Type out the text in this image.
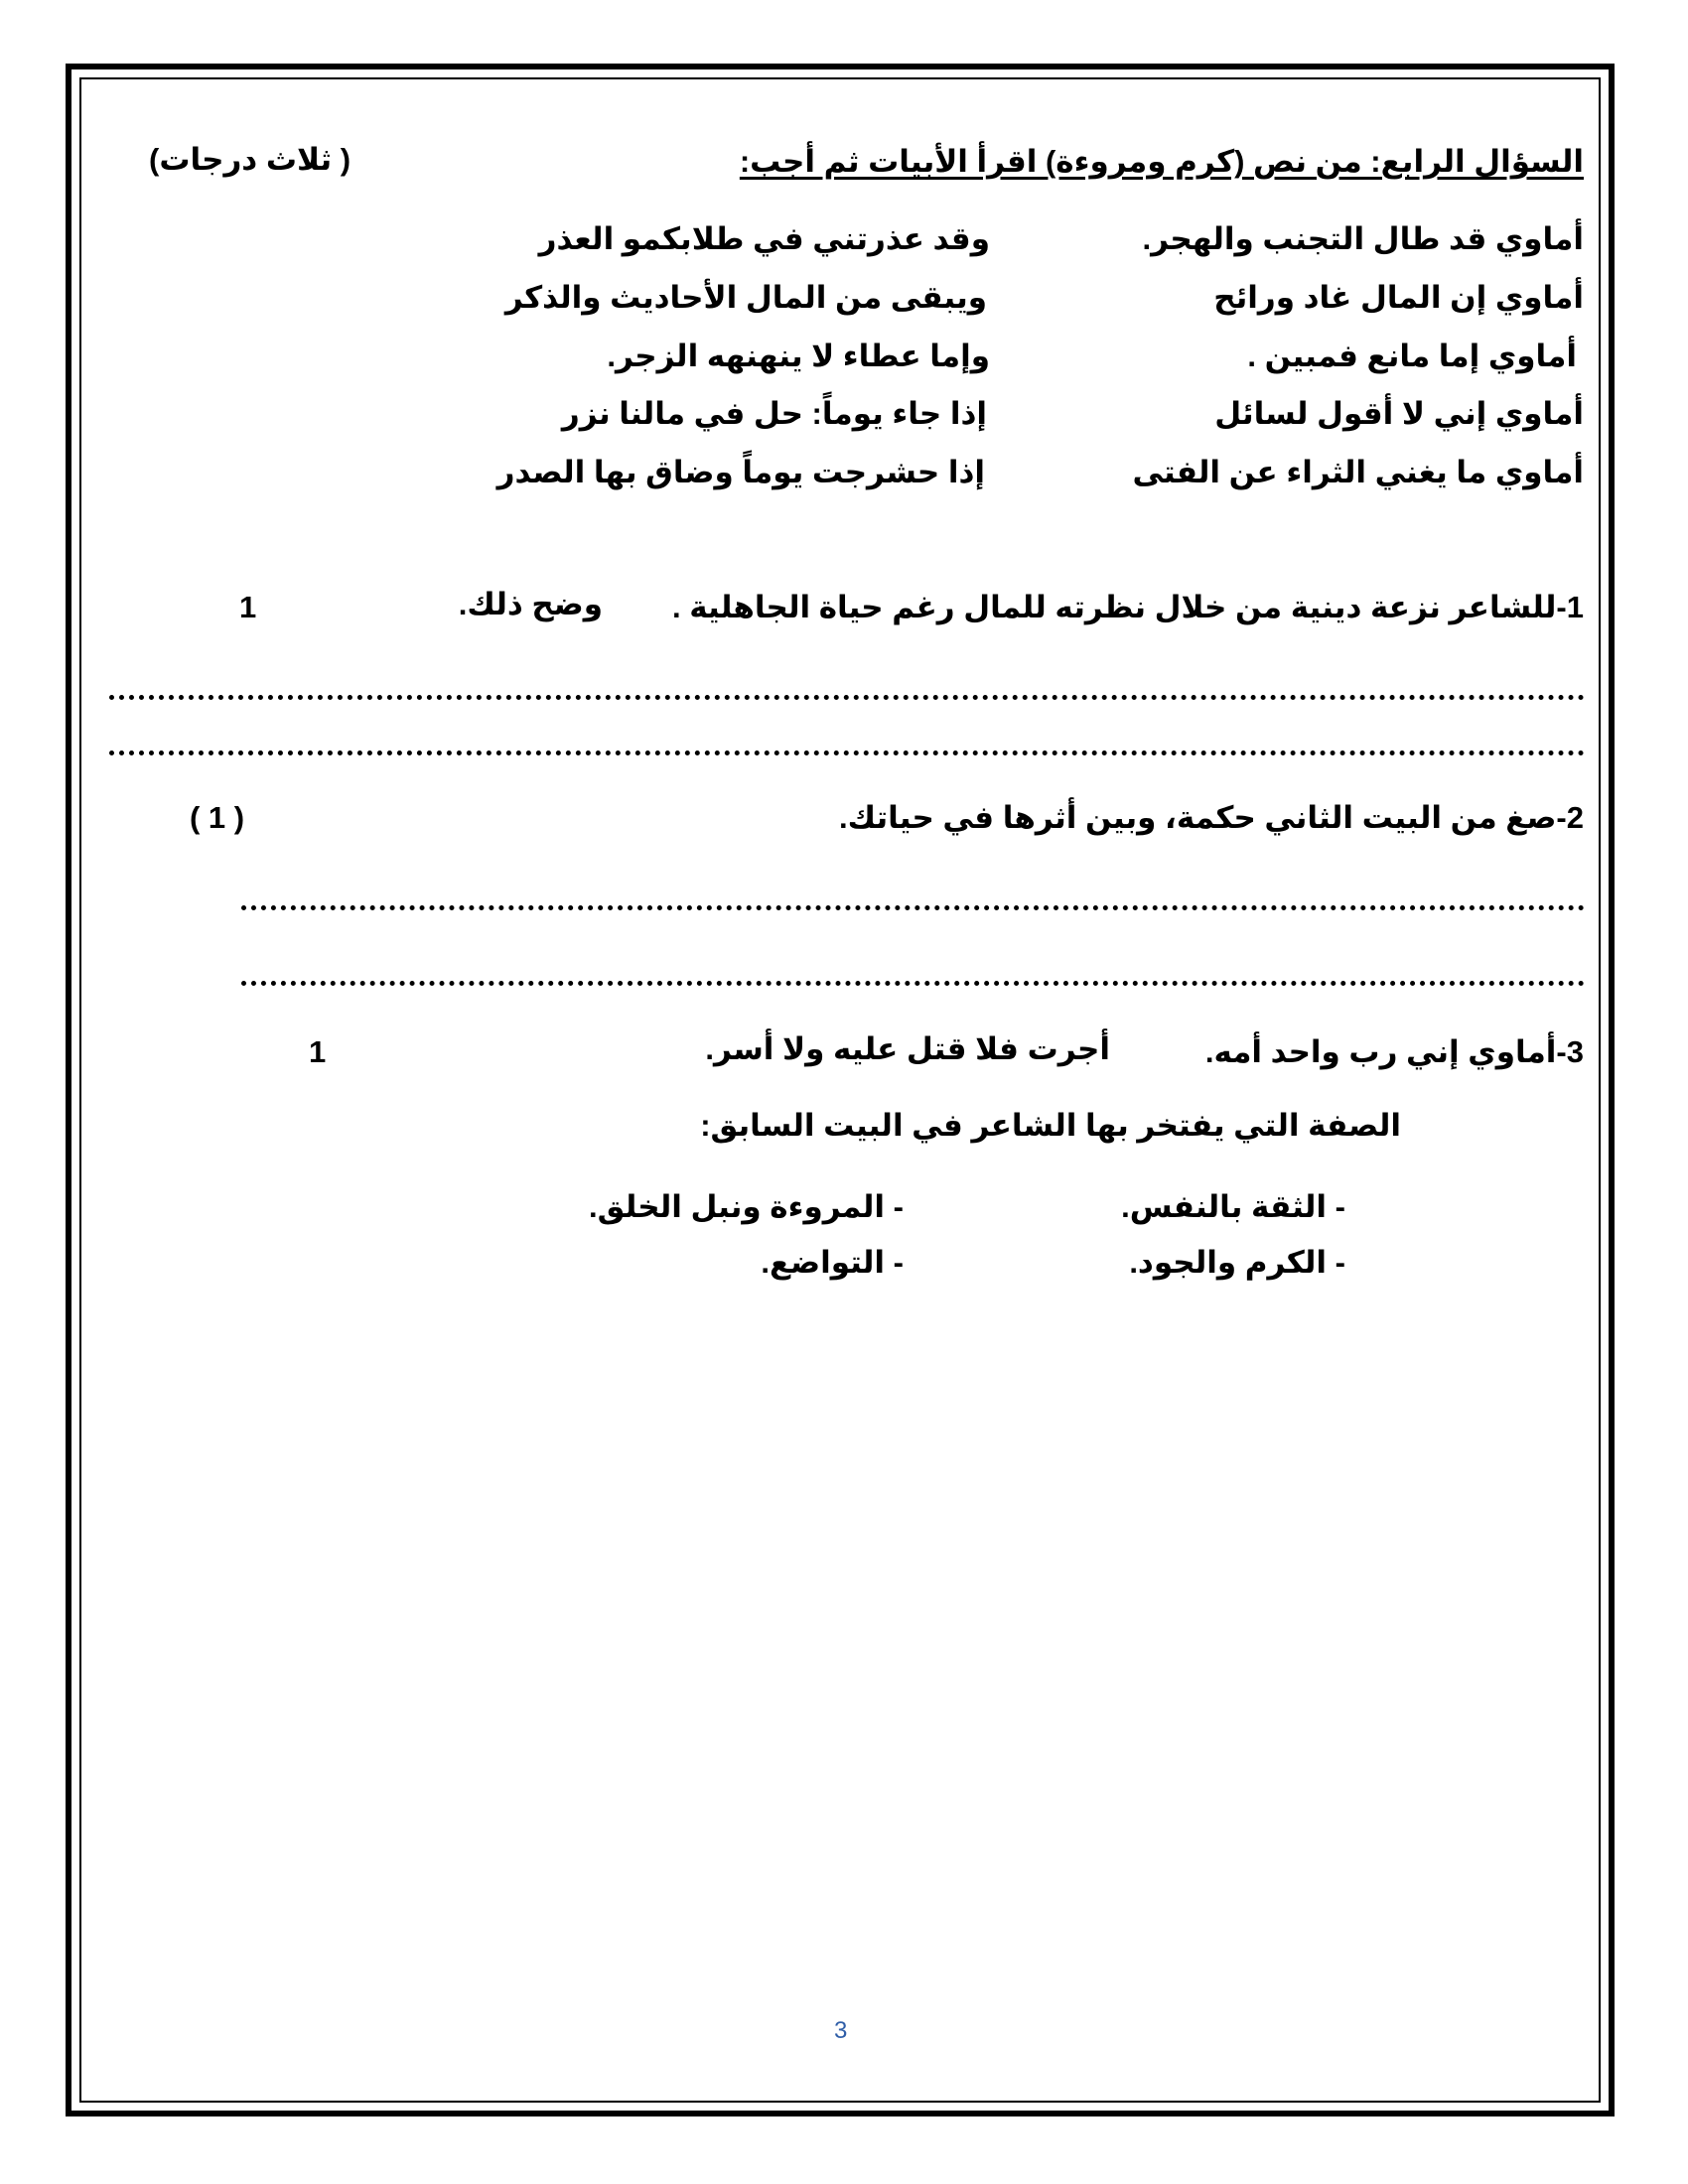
السؤال الرابع: من نص (كرم ومروءة) اقرأ الأبيات ثم أجب:
( ثلاث درجات)
أماوي قد طال التجنب والهجر.
وقد عذرتني في طلابكمو العذر
أماوي إن المال غاد ورائح
ويبقى من المال الأحاديث والذكر
أماوي إما مانع فمبين .
وإما عطاء لا ينهنهه الزجر.
أماوي إني لا أقول لسائل
إذا جاء يوماً: حل في مالنا نزر
أماوي ما يغني الثراء عن الفتى
إذا حشرجت يوماً وضاق بها الصدر
1-للشاعر نزعة دينية من خلال نظرته للمال رغم حياة الجاهلية .
وضح ذلك.
1
2-صغ من البيت الثاني حكمة، وبين أثرها في حياتك.
( 1 )
3-أماوي إني رب واحد أمه.
أجرت فلا قتل عليه ولا أسر.
1
الصفة التي يفتخر بها الشاعر في البيت السابق:
- الثقة بالنفس.
- المروءة ونبل الخلق.
- الكرم والجود.
- التواضع.
3
